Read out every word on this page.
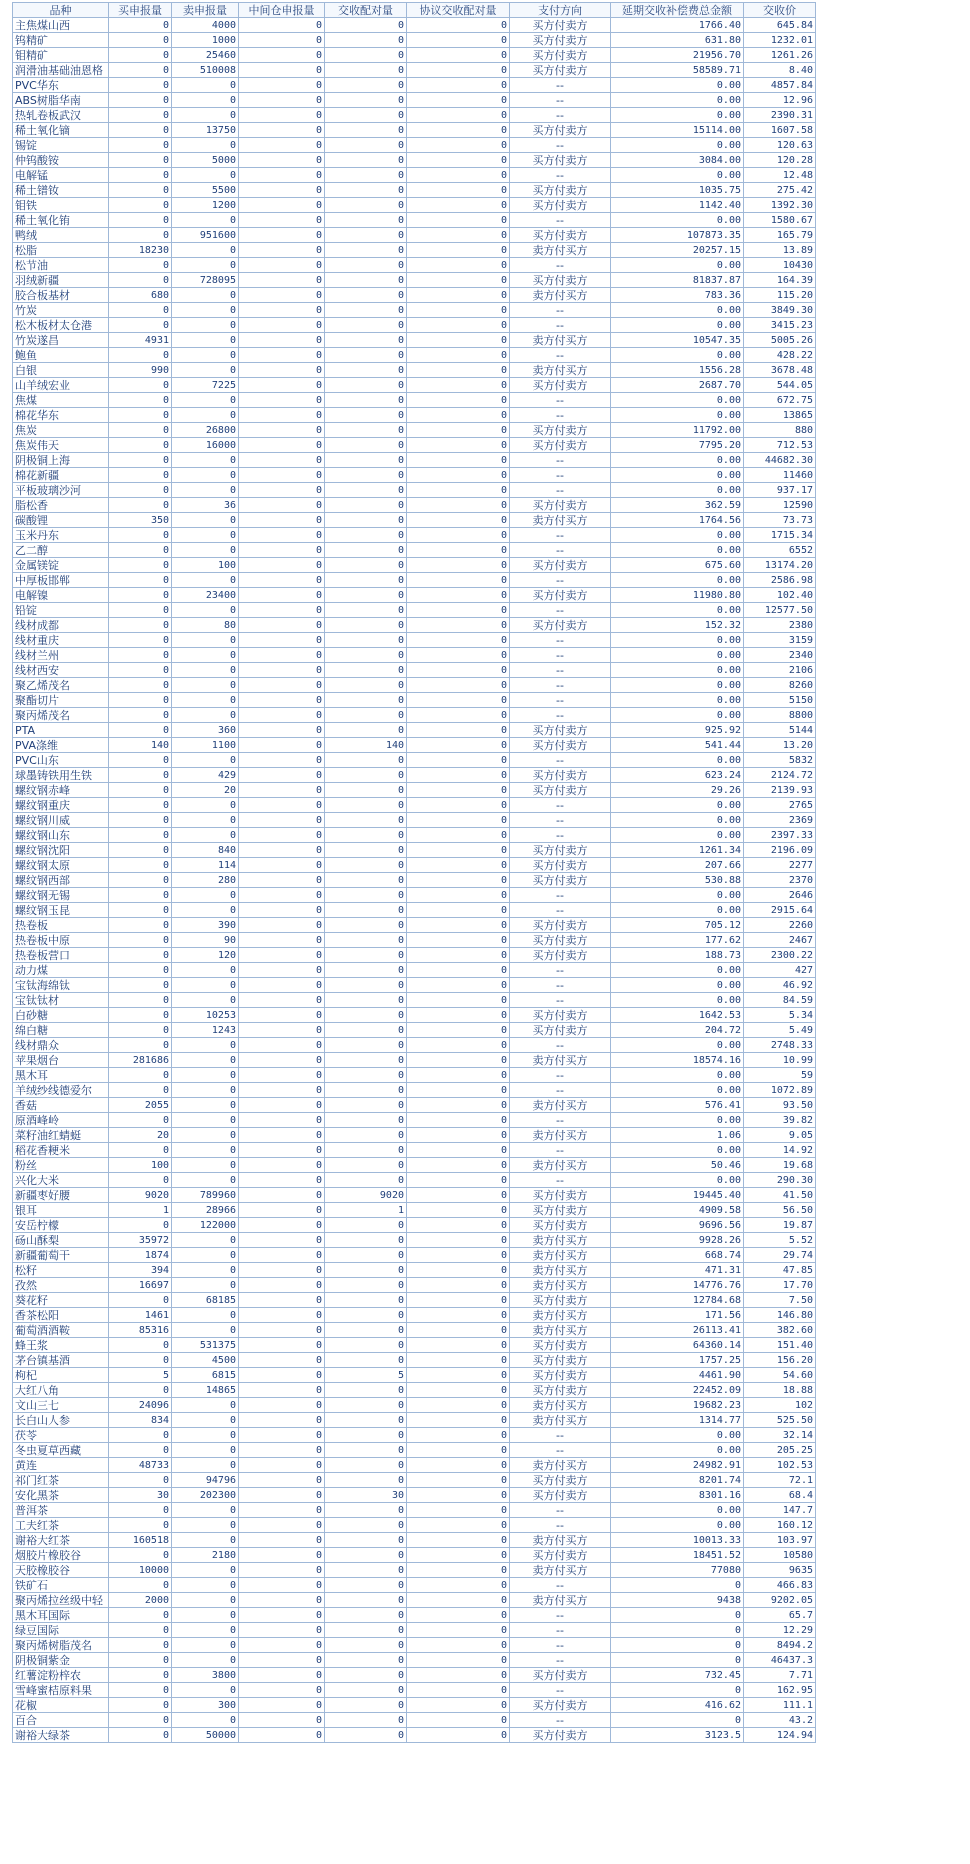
品种	买申报量	卖申报量	中间仓申报量	交收配对量	协议交收配对量	支付方向	延期交收补偿费总金额	交收价
主焦煤山西	0	4000	0	0	0	买方付卖方	1766.40	645.84
钨精矿	0	1000	0	0	0	买方付卖方	631.80	1232.01
钼精矿	0	25460	0	0	0	买方付卖方	21956.70	1261.26
润滑油基础油恩格	0	510008	0	0	0	买方付卖方	58589.71	8.40
PVC华东	0	0	0	0	0	--	0.00	4857.84
ABS树脂华南	0	0	0	0	0	--	0.00	12.96
热轧卷板武汉	0	0	0	0	0	--	0.00	2390.31
稀土氧化镝	0	13750	0	0	0	买方付卖方	15114.00	1607.58
锡锭	0	0	0	0	0	--	0.00	120.63
仲钨酸铵	0	5000	0	0	0	买方付卖方	3084.00	120.28
电解锰	0	0	0	0	0	--	0.00	12.48
稀土镨钕	0	5500	0	0	0	买方付卖方	1035.75	275.42
钼铁	0	1200	0	0	0	买方付卖方	1142.40	1392.30
稀土氧化铕	0	0	0	0	0	--	0.00	1580.67
鸭绒	0	951600	0	0	0	买方付卖方	107873.35	165.79
松脂	18230	0	0	0	0	卖方付买方	20257.15	13.89
松节油	0	0	0	0	0	--	0.00	10430
羽绒新疆	0	728095	0	0	0	买方付卖方	81837.87	164.39
胶合板基材	680	0	0	0	0	卖方付买方	783.36	115.20
竹炭	0	0	0	0	0	--	0.00	3849.30
松木板材太仓港	0	0	0	0	0	--	0.00	3415.23
竹炭遂昌	4931	0	0	0	0	卖方付买方	10547.35	5005.26
鲍鱼	0	0	0	0	0	--	0.00	428.22
白银	990	0	0	0	0	卖方付买方	1556.28	3678.48
山羊绒宏业	0	7225	0	0	0	买方付卖方	2687.70	544.05
焦煤	0	0	0	0	0	--	0.00	672.75
棉花华东	0	0	0	0	0	--	0.00	13865
焦炭	0	26800	0	0	0	买方付卖方	11792.00	880
焦炭伟天	0	16000	0	0	0	买方付卖方	7795.20	712.53
阴极铜上海	0	0	0	0	0	--	0.00	44682.30
棉花新疆	0	0	0	0	0	--	0.00	11460
平板玻璃沙河	0	0	0	0	0	--	0.00	937.17
脂松香	0	36	0	0	0	买方付卖方	362.59	12590
碳酸锂	350	0	0	0	0	卖方付买方	1764.56	73.73
玉米丹东	0	0	0	0	0	--	0.00	1715.34
乙二醇	0	0	0	0	0	--	0.00	6552
金属镁锭	0	100	0	0	0	买方付卖方	675.60	13174.20
中厚板邯郸	0	0	0	0	0	--	0.00	2586.98
电解镍	0	23400	0	0	0	买方付卖方	11980.80	102.40
铅锭	0	0	0	0	0	--	0.00	12577.50
线材成都	0	80	0	0	0	买方付卖方	152.32	2380
线材重庆	0	0	0	0	0	--	0.00	3159
线材兰州	0	0	0	0	0	--	0.00	2340
线材西安	0	0	0	0	0	--	0.00	2106
聚乙烯茂名	0	0	0	0	0	--	0.00	8260
聚酯切片	0	0	0	0	0	--	0.00	5150
聚丙烯茂名	0	0	0	0	0	--	0.00	8800
PTA	0	360	0	0	0	买方付卖方	925.92	5144
PVA涤维	140	1100	0	140	0	买方付卖方	541.44	13.20
PVC山东	0	0	0	0	0	--	0.00	5832
球墨铸铁用生铁	0	429	0	0	0	买方付卖方	623.24	2124.72
螺纹钢赤峰	0	20	0	0	0	买方付卖方	29.26	2139.93
螺纹钢重庆	0	0	0	0	0	--	0.00	2765
螺纹钢川威	0	0	0	0	0	--	0.00	2369
螺纹钢山东	0	0	0	0	0	--	0.00	2397.33
螺纹钢沈阳	0	840	0	0	0	买方付卖方	1261.34	2196.09
螺纹钢太原	0	114	0	0	0	买方付卖方	207.66	2277
螺纹钢西部	0	280	0	0	0	买方付卖方	530.88	2370
螺纹钢无锡	0	0	0	0	0	--	0.00	2646
螺纹钢玉昆	0	0	0	0	0	--	0.00	2915.64
热卷板	0	390	0	0	0	买方付卖方	705.12	2260
热卷板中原	0	90	0	0	0	买方付卖方	177.62	2467
热卷板营口	0	120	0	0	0	买方付卖方	188.73	2300.22
动力煤	0	0	0	0	0	--	0.00	427
宝钛海绵钛	0	0	0	0	0	--	0.00	46.92
宝钛钛材	0	0	0	0	0	--	0.00	84.59
白砂糖	0	10253	0	0	0	买方付卖方	1642.53	5.34
绵白糖	0	1243	0	0	0	买方付卖方	204.72	5.49
线材鼎众	0	0	0	0	0	--	0.00	2748.33
苹果烟台	281686	0	0	0	0	卖方付买方	18574.16	10.99
黑木耳	0	0	0	0	0	--	0.00	59
羊绒纱线德爱尔	0	0	0	0	0	--	0.00	1072.89
香菇	2055	0	0	0	0	卖方付买方	576.41	93.50
原酒峰岭	0	0	0	0	0	--	0.00	39.82
菜籽油红蜻蜓	20	0	0	0	0	卖方付买方	1.06	9.05
稻花香粳米	0	0	0	0	0	--	0.00	14.92
粉丝	100	0	0	0	0	卖方付买方	50.46	19.68
兴化大米	0	0	0	0	0	--	0.00	290.30
新疆枣好腰	9020	789960	0	9020	0	买方付卖方	19445.40	41.50
银耳	1	28966	0	1	0	买方付卖方	4909.58	56.50
安岳柠檬	0	122000	0	0	0	买方付卖方	9696.56	19.87
砀山酥梨	35972	0	0	0	0	卖方付买方	9928.26	5.52
新疆葡萄干	1874	0	0	0	0	卖方付买方	668.74	29.74
松籽	394	0	0	0	0	卖方付买方	471.31	47.85
孜然	16697	0	0	0	0	卖方付买方	14776.76	17.70
葵花籽	0	68185	0	0	0	买方付卖方	12784.68	7.50
香茶松阳	1461	0	0	0	0	卖方付买方	171.56	146.80
葡萄酒酒鞍	85316	0	0	0	0	卖方付买方	26113.41	382.60
蜂王浆	0	531375	0	0	0	买方付卖方	64360.14	151.40
茅台镇基酒	0	4500	0	0	0	买方付卖方	1757.25	156.20
枸杞	5	6815	0	5	0	买方付卖方	4461.90	54.60
大红八角	0	14865	0	0	0	买方付卖方	22452.09	18.88
文山三七	24096	0	0	0	0	卖方付买方	19682.23	102
长白山人参	834	0	0	0	0	卖方付买方	1314.77	525.50
茯苓	0	0	0	0	0	--	0.00	32.14
冬虫夏草西藏	0	0	0	0	0	--	0.00	205.25
黄连	48733	0	0	0	0	卖方付买方	24982.91	102.53
祁门红茶	0	94796	0	0	0	买方付卖方	8201.74	72.1
安化黑茶	30	202300	0	30	0	买方付卖方	8301.16	68.4
普洱茶	0	0	0	0	0	--	0.00	147.7
工夫红茶	0	0	0	0	0	--	0.00	160.12
谢裕大红茶	160518	0	0	0	0	卖方付买方	10013.33	103.97
烟胶片橡胶谷	0	2180	0	0	0	买方付卖方	18451.52	10580
天胶橡胶谷	10000	0	0	0	0	卖方付买方	77080	9635
铁矿石	0	0	0	0	0	--	0	466.83
聚丙烯拉丝级中轻	2000	0	0	0	0	卖方付买方	9438	9202.05
黑木耳国际	0	0	0	0	0	--	0	65.7
绿豆国际	0	0	0	0	0	--	0	12.29
聚丙烯树脂茂名	0	0	0	0	0	--	0	8494.2
阴极铜紫金	0	0	0	0	0	--	0	46437.3
红薯淀粉梓农	0	3800	0	0	0	买方付卖方	732.45	7.71
雪峰蜜桔原料果	0	0	0	0	0	--	0	162.95
花椒	0	300	0	0	0	买方付卖方	416.62	111.1
百合	0	0	0	0	0	--	0	43.2
谢裕大绿茶	0	50000	0	0	0	买方付卖方	3123.5	124.94
